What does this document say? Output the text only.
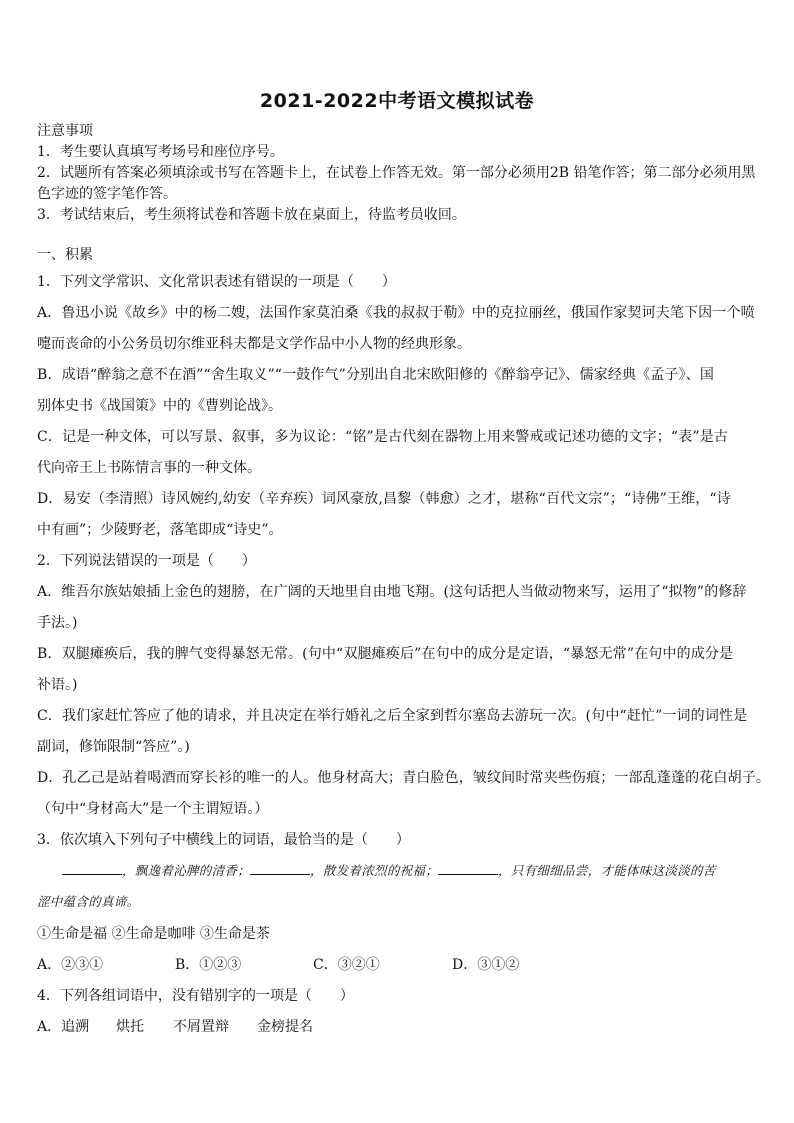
2021-2022中考语文模拟试卷
注意事项
1．考生要认真填写考场号和座位序号。
2．试题所有答案必须填涂或书写在答题卡上，在试卷上作答无效。第一部分必须用2B 铅笔作答；第二部分必须用黑
色字迹的签字笔作答。
3．考试结束后，考生须将试卷和答题卡放在桌面上，待监考员收回。
一、积累
1．下列文学常识、文化常识表述有错误的一项是（　　）
A．鲁迅小说《故乡》中的杨二嫂，法国作家莫泊桑《我的叔叔于勒》中的克拉丽丝，俄国作家契诃夫笔下因一个喷
嚏而丧命的小公务员切尔维亚科夫都是文学作品中小人物的经典形象。
B．成语“醉翁之意不在酒”“舍生取义”“一鼓作气”分别出自北宋欧阳修的《醉翁亭记》、儒家经典《孟子》、国
别体史书《战国策》中的《曹刿论战》。
C．记是一种文体，可以写景、叙事，多为议论：“铭”是古代刻在器物上用来警戒或记述功德的文字；“表”是古
代向帝王上书陈情言事的一种文体。
D．易安（李清照）诗风婉约,幼安（辛弃疾）词风豪放,昌黎（韩愈）之才，堪称“百代文宗”；“诗佛”王维，“诗
中有画”；少陵野老，落笔即成“诗史”。
2．下列说法错误的一项是（　　）
A．维吾尔族姑娘插上金色的翅膀，在广阔的天地里自由地飞翔。(这句话把人当做动物来写，运用了“拟物”的修辞
手法。)
B．双腿瘫痪后，我的脾气变得暴怒无常。(句中“双腿瘫痪后”在句中的成分是定语，“暴怒无常”在句中的成分是
补语。)
C．我们家赶忙答应了他的请求，并且决定在举行婚礼之后全家到哲尔塞岛去游玩一次。(句中“赶忙”一词的词性是
副词，修饰限制“答应”。)
D．孔乙己是站着喝酒而穿长衫的唯一的人。他身材高大；青白脸色，皱纹间时常夹些伤痕；一部乱蓬蓬的花白胡子。
（句中“身材高大”是一个主谓短语。）
3．依次填入下列句子中横线上的词语，最恰当的是（　　）
，飘逸着沁脾的清香；	，散发着浓烈的祝福；	，只有细细品尝，才能体味这淡淡的苦
涩中蕴含的真谛。
①生命是福 ②生命是咖啡 ③生命是茶
A．②③①	B．①②③	C．③②①	D．③①②
4．下列各组词语中，没有错别字的一项是（　　）
A．追溯 烘托 不屑置辩 金榜提名
